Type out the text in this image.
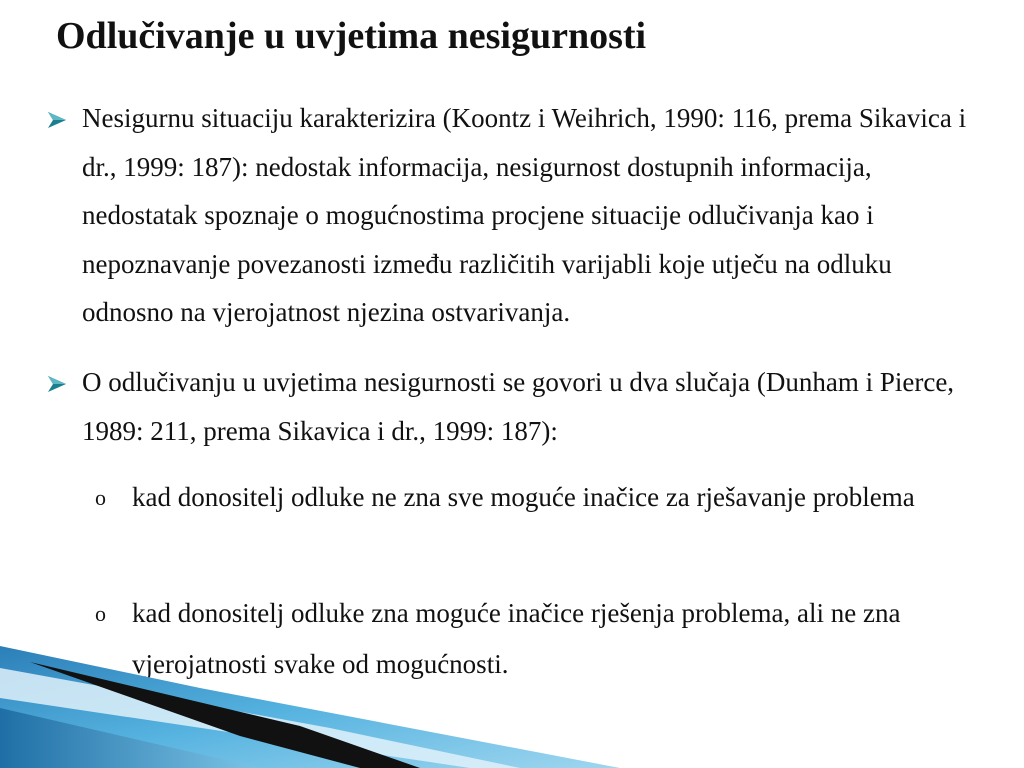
Odlučivanje u uvjetima nesigurnosti
Nesigurnu situaciju karakterizira (Koontz i Weihrich, 1990: 116, prema Sikavica i dr., 1999: 187): nedostak informacija, nesigurnost dostupnih informacija, nedostatak spoznaje o mogućnostima procjene situacije odlučivanja kao i nepoznavanje povezanosti između različitih varijabli koje utječu na odluku odnosno na vjerojatnost njezina ostvarivanja.
O odlučivanju u uvjetima nesigurnosti se govori u dva slučaja (Dunham i Pierce, 1989: 211, prema Sikavica i dr., 1999: 187):
o kad donositelj odluke ne zna sve moguće inačice za rješavanje problema
o kad donositelj odluke zna moguće inačice rješenja problema, ali ne zna vjerojatnosti svake od mogućnosti.
